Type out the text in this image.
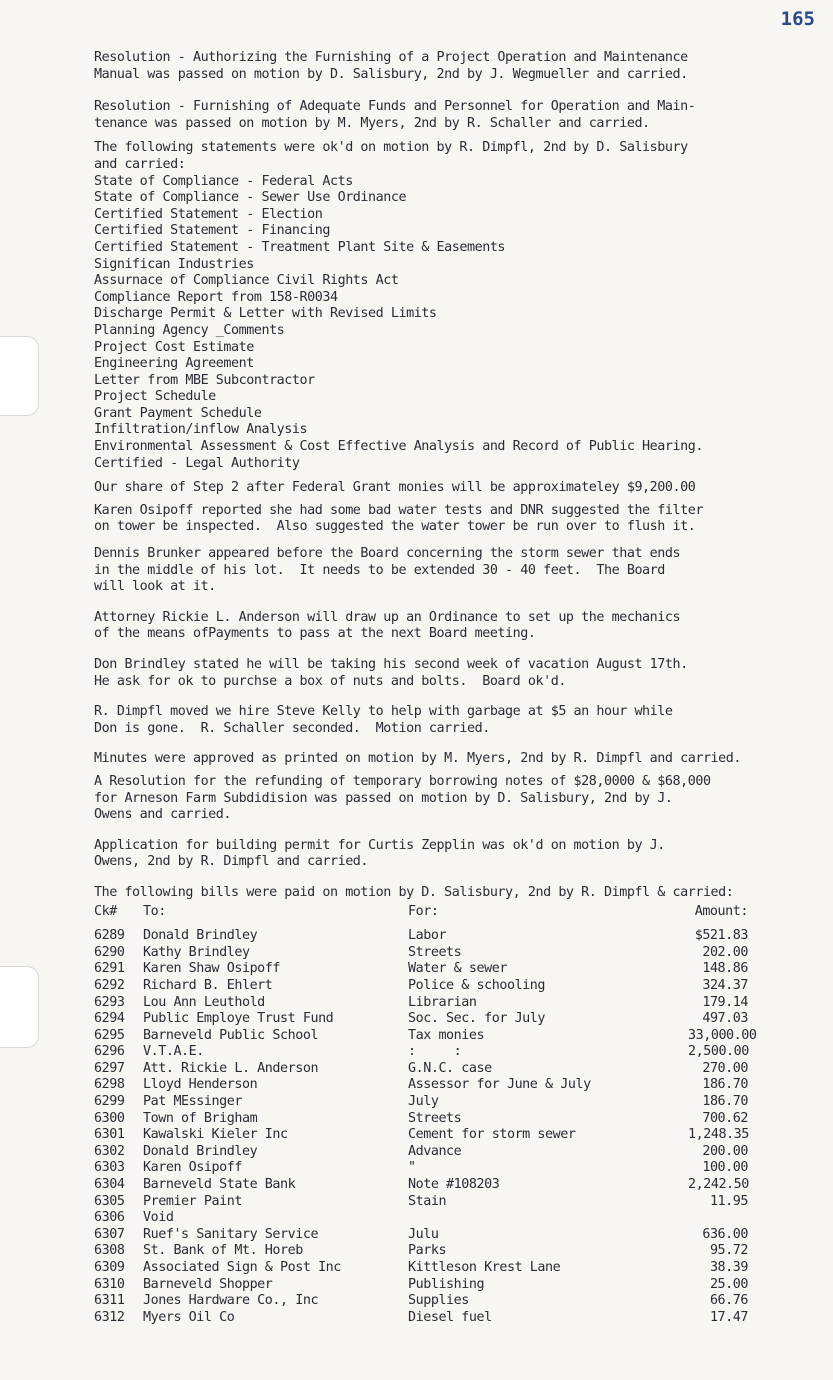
165

Resolution - Authorizing the Furnishing of a Project Operation and Maintenance
Manual was passed on motion by D. Salisbury, 2nd by J. Wegmueller and carried.

Resolution - Furnishing of Adequate Funds and Personnel for Operation and Main-
tenance was passed on motion by M. Myers, 2nd by R. Schaller and carried.

The following statements were ok'd on motion by R. Dimpfl, 2nd by D. Salisbury
and carried:
State of Compliance - Federal Acts
State of Compliance - Sewer Use Ordinance
Certified Statement - Election
Certified Statement - Financing
Certified Statement - Treatment Plant Site & Easements
Significan Industries
Assurnace of Compliance Civil Rights Act
Compliance Report from 158-R0034
Discharge Permit & Letter with Revised Limits
Planning Agency _Comments
Project Cost Estimate
Engineering Agreement
Letter from MBE Subcontractor
Project Schedule
Grant Payment Schedule
Infiltration/inflow Analysis
Environmental Assessment & Cost Effective Analysis and Record of Public Hearing.
Certified - Legal Authority

Our share of Step 2 after Federal Grant monies will be approximateley $9,200.00

Karen Osipoff reported she had some bad water tests and DNR suggested the filter
on tower be inspected.  Also suggested the water tower be run over to flush it.

Dennis Brunker appeared before the Board concerning the storm sewer that ends
in the middle of his lot.  It needs to be extended 30 - 40 feet.  The Board
will look at it.

Attorney Rickie L. Anderson will draw up an Ordinance to set up the mechanics
of the means ofPayments to pass at the next Board meeting.

Don Brindley stated he will be taking his second week of vacation August 17th.
He ask for ok to purchse a box of nuts and bolts.  Board ok'd.

R. Dimpfl moved we hire Steve Kelly to help with garbage at $5 an hour while
Don is gone.  R. Schaller seconded.  Motion carried.

Minutes were approved as printed on motion by M. Myers, 2nd by R. Dimpfl and carried.

A Resolution for the refunding of temporary borrowing notes of $28,0000 & $68,000
for Arneson Farm Subdidision was passed on motion by D. Salisbury, 2nd by J.
Owens and carried.

Application for building permit for Curtis Zepplin was ok'd on motion by J.
Owens, 2nd by R. Dimpfl and carried.

The following bills were paid on motion by D. Salisbury, 2nd by R. Dimpfl & carried:

Ck#	To:	For:	Amount:
6289	Donald Brindley	Labor	$521.83
6290	Kathy Brindley	Streets	202.00
6291	Karen Shaw Osipoff	Water & sewer	148.86
6292	Richard B. Ehlert	Police & schooling	324.37
6293	Lou Ann Leuthold	Librarian	179.14
6294	Public Employe Trust Fund	Soc. Sec. for July	497.03
6295	Barneveld Public School	Tax monies	33,000.00
6296	V.T.A.E.	:     :	2,500.00
6297	Att. Rickie L. Anderson	G.N.C. case	270.00
6298	Lloyd Henderson	Assessor for June & July	186.70
6299	Pat MEssinger	July	186.70
6300	Town of Brigham	Streets	700.62
6301	Kawalski Kieler Inc	Cement for storm sewer	1,248.35
6302	Donald Brindley	Advance	200.00
6303	Karen Osipoff	"	100.00
6304	Barneveld State Bank	Note #108203	2,242.50
6305	Premier Paint	Stain	11.95
6306	Void
6307	Ruef's Sanitary Service	Julu	636.00
6308	St. Bank of Mt. Horeb	Parks	95.72
6309	Associated Sign & Post Inc	Kittleson Krest Lane	38.39
6310	Barneveld Shopper	Publishing	25.00
6311	Jones Hardware Co., Inc	Supplies	66.76
6312	Myers Oil Co	Diesel fuel	17.47
